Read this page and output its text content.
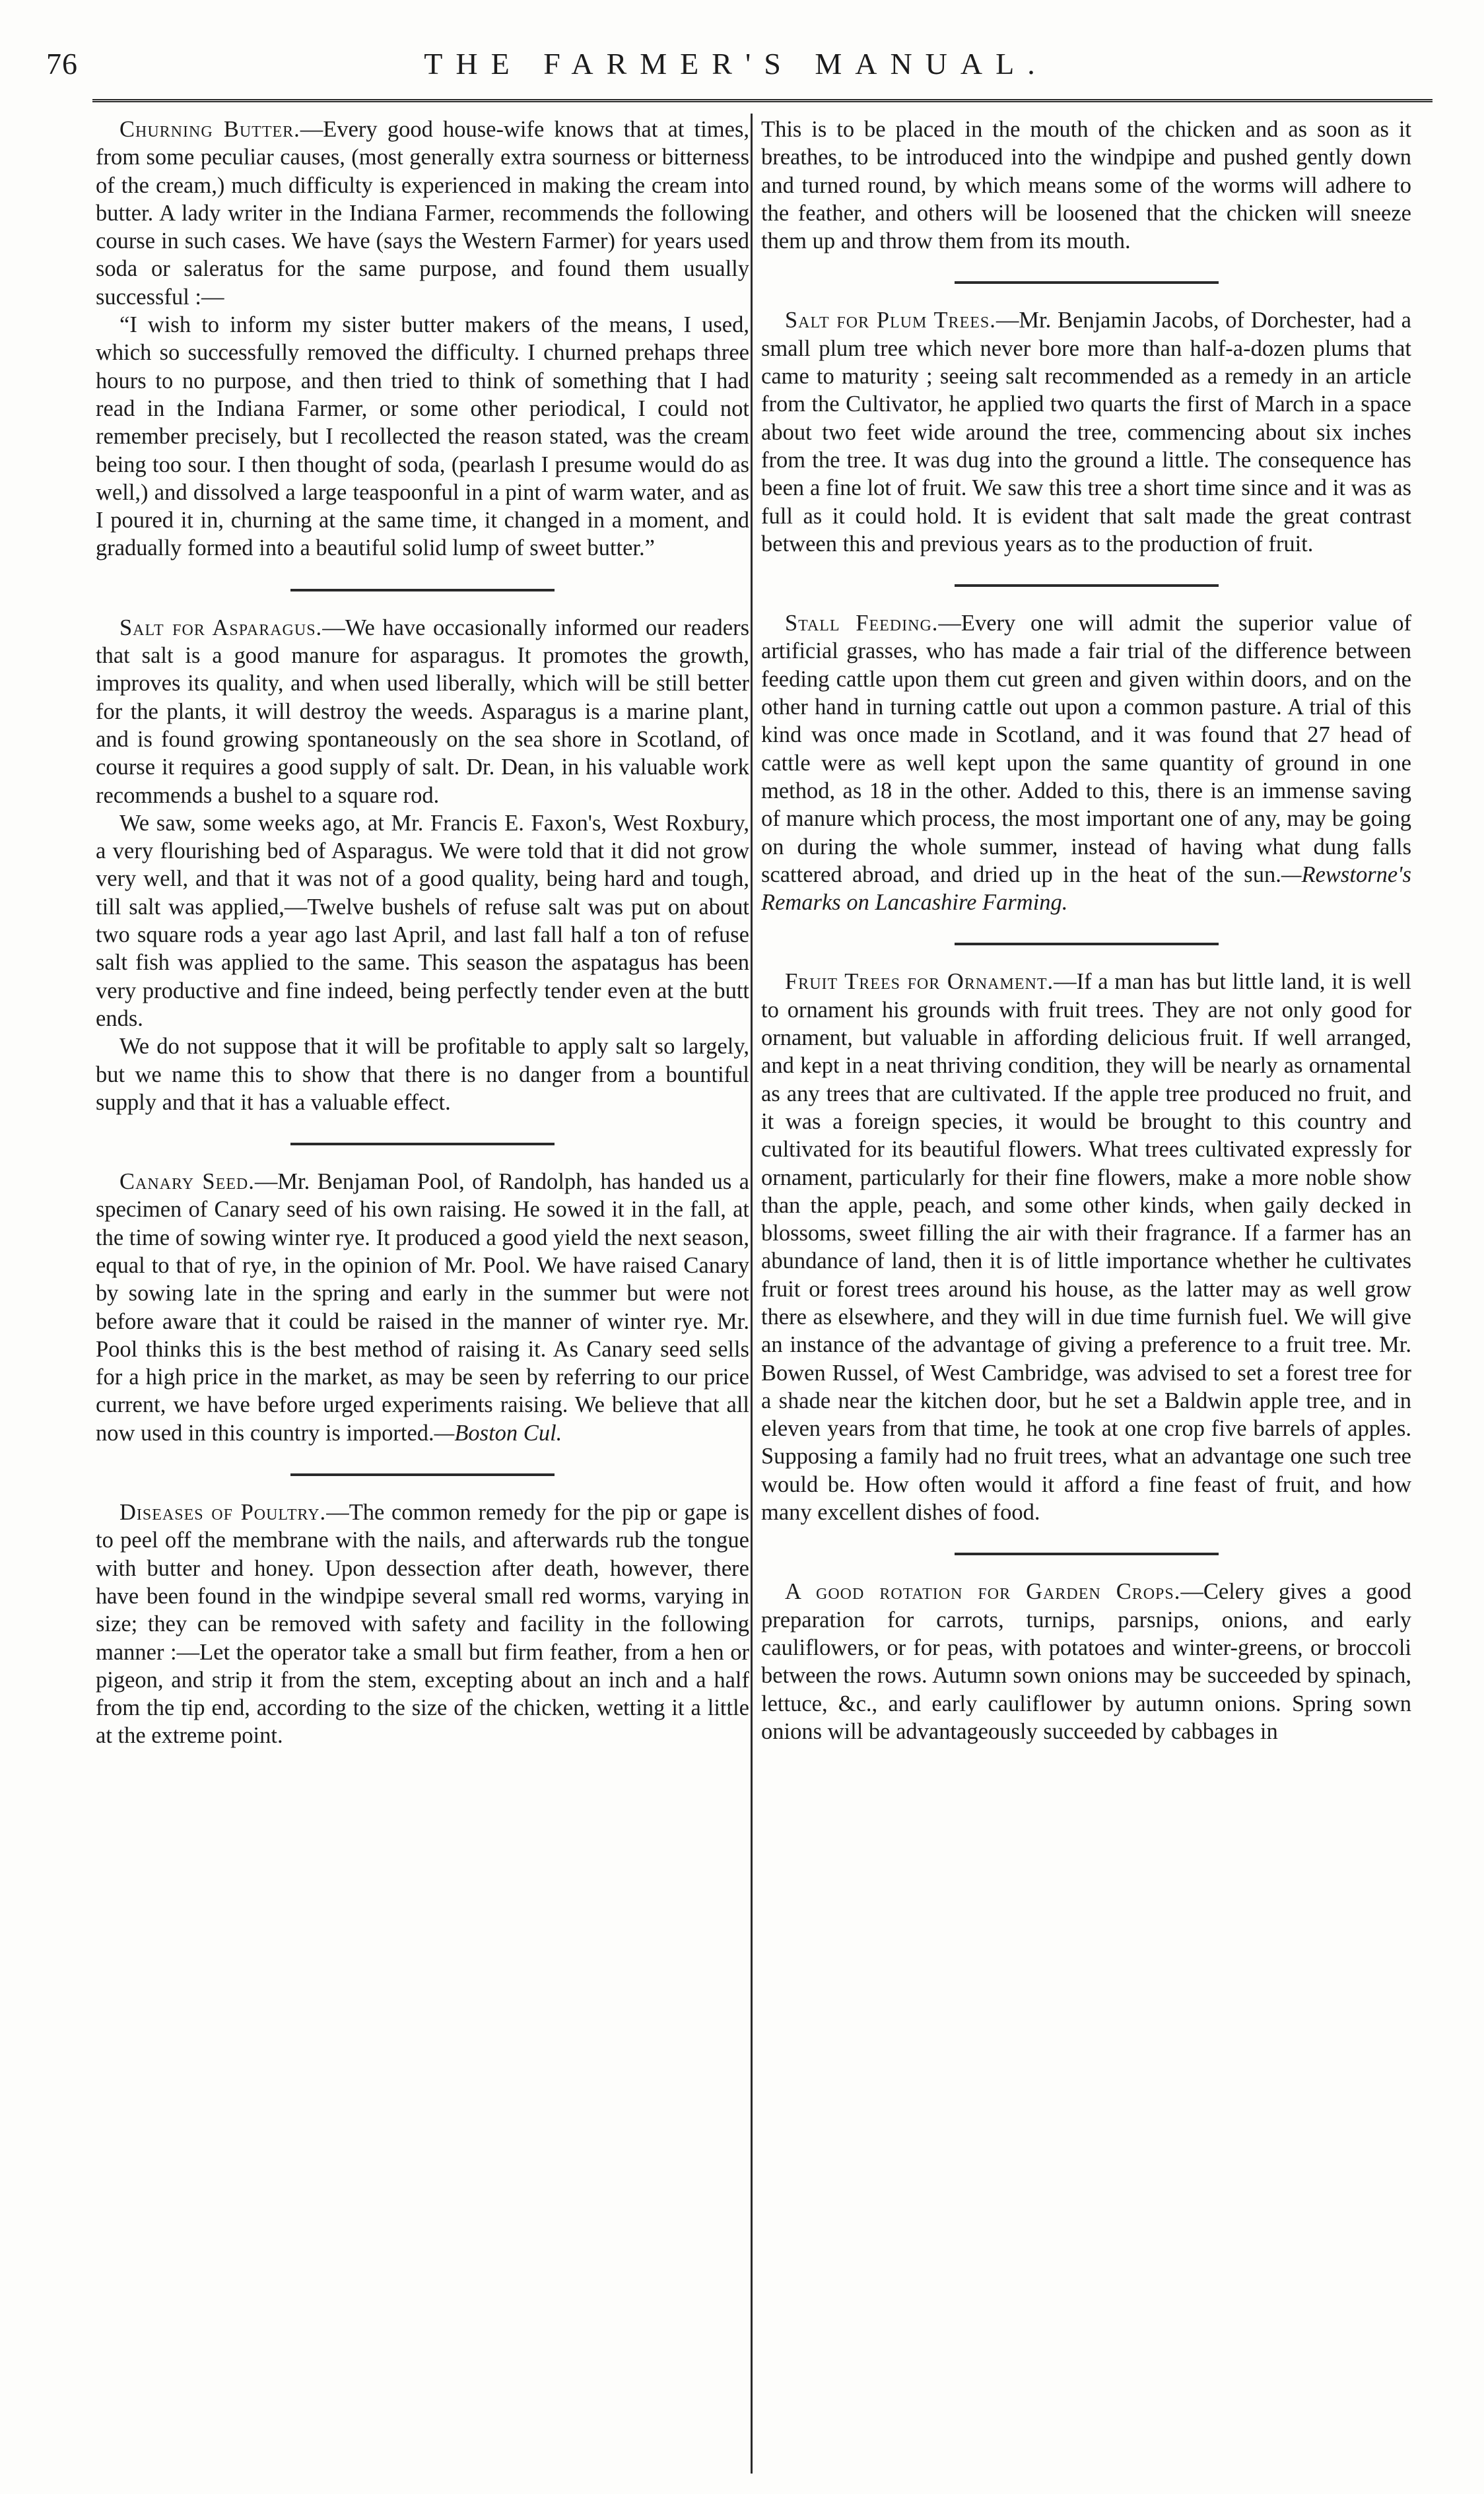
76	THE FARMER'S MANUAL.

Churning Butter.—Every good house-wife knows that at times, from some peculiar causes, (most generally extra sourness or bitterness of the cream,) much difficulty is experienced in making the cream into butter. A lady writer in the Indiana Farmer, recommends the following course in such cases. We have (says the Western Farmer) for years used soda or saleratus for the same purpose, and found them usually successful :—

“I wish to inform my sister butter makers of the means, I used, which so successfully removed the difficulty. I churned prehaps three hours to no purpose, and then tried to think of something that I had read in the Indiana Farmer, or some other periodical, I could not remember precisely, but I recollected the reason stated, was the cream being too sour. I then thought of soda, (pearlash I presume would do as well,) and dissolved a large teaspoonful in a pint of warm water, and as I poured it in, churning at the same time, it changed in a moment, and gradually formed into a beautiful solid lump of sweet butter.”

Salt for Asparagus.—We have occasionally informed our readers that salt is a good manure for asparagus. It promotes the growth, improves its quality, and when used liberally, which will be still better for the plants, it will destroy the weeds. Asparagus is a marine plant, and is found growing spontaneously on the sea shore in Scotland, of course it requires a good supply of salt. Dr. Dean, in his valuable work recommends a bushel to a square rod.

We saw, some weeks ago, at Mr. Francis E. Faxon's, West Roxbury, a very flourishing bed of Asparagus. We were told that it did not grow very well, and that it was not of a good quality, being hard and tough, till salt was applied,—Twelve bushels of refuse salt was put on about two square rods a year ago last April, and last fall half a ton of refuse salt fish was applied to the same. This season the aspatagus has been very productive and fine indeed, being perfectly tender even at the butt ends.

We do not suppose that it will be profitable to apply salt so largely, but we name this to show that there is no danger from a bountiful supply and that it has a valuable effect.

Canary Seed.—Mr. Benjaman Pool, of Randolph, has handed us a specimen of Canary seed of his own raising. He sowed it in the fall, at the time of sowing winter rye. It produced a good yield the next season, equal to that of rye, in the opinion of Mr. Pool. We have raised Canary by sowing late in the spring and early in the summer but were not before aware that it could be raised in the manner of winter rye. Mr. Pool thinks this is the best method of raising it. As Canary seed sells for a high price in the market, as may be seen by referring to our price current, we have before urged experiments raising. We believe that all now used in this country is imported.—Boston Cul.

Diseases of Poultry.—The common remedy for the pip or gape is to peel off the membrane with the nails, and afterwards rub the tongue with butter and honey. Upon dessection after death, however, there have been found in the windpipe several small red worms, varying in size; they can be removed with safety and facility in the following manner :—Let the operator take a small but firm feather, from a hen or pigeon, and strip it from the stem, excepting about an inch and a half from the tip end, according to the size of the chicken, wetting it a little at the extreme point.

This is to be placed in the mouth of the chicken and as soon as it breathes, to be introduced into the windpipe and pushed gently down and turned round, by which means some of the worms will adhere to the feather, and others will be loosened that the chicken will sneeze them up and throw them from its mouth.

Salt for Plum Trees.—Mr. Benjamin Jacobs, of Dorchester, had a small plum tree which never bore more than half-a-dozen plums that came to maturity ; seeing salt recommended as a remedy in an article from the Cultivator, he applied two quarts the first of March in a space about two feet wide around the tree, commencing about six inches from the tree. It was dug into the ground a little. The consequence has been a fine lot of fruit. We saw this tree a short time since and it was as full as it could hold. It is evident that salt made the great contrast between this and previous years as to the production of fruit.

Stall Feeding.—Every one will admit the superior value of artificial grasses, who has made a fair trial of the difference between feeding cattle upon them cut green and given within doors, and on the other hand in turning cattle out upon a common pasture. A trial of this kind was once made in Scotland, and it was found that 27 head of cattle were as well kept upon the same quantity of ground in one method, as 18 in the other. Added to this, there is an immense saving of manure which process, the most important one of any, may be going on during the whole summer, instead of having what dung falls scattered abroad, and dried up in the heat of the sun.—Rewstorne's Remarks on Lancashire Farming.

Fruit Trees for Ornament.—If a man has but little land, it is well to ornament his grounds with fruit trees. They are not only good for ornament, but valuable in affording delicious fruit. If well arranged, and kept in a neat thriving condition, they will be nearly as ornamental as any trees that are cultivated. If the apple tree produced no fruit, and it was a foreign species, it would be brought to this country and cultivated for its beautiful flowers. What trees cultivated expressly for ornament, particularly for their fine flowers, make a more noble show than the apple, peach, and some other kinds, when gaily decked in blossoms, sweet filling the air with their fragrance. If a farmer has an abundance of land, then it is of little importance whether he cultivates fruit or forest trees around his house, as the latter may as well grow there as elsewhere, and they will in due time furnish fuel. We will give an instance of the advantage of giving a preference to a fruit tree. Mr. Bowen Russel, of West Cambridge, was advised to set a forest tree for a shade near the kitchen door, but he set a Baldwin apple tree, and in eleven years from that time, he took at one crop five barrels of apples. Supposing a family had no fruit trees, what an advantage one such tree would be. How often would it afford a fine feast of fruit, and how many excellent dishes of food.

A good rotation for Garden Crops.—Celery gives a good preparation for carrots, turnips, parsnips, onions, and early cauliflowers, or for peas, with potatoes and winter-greens, or broccoli between the rows. Autumn sown onions may be succeeded by spinach, lettuce, &c., and early cauliflower by autumn onions. Spring sown onions will be advantageously succeeded by cabbages in
